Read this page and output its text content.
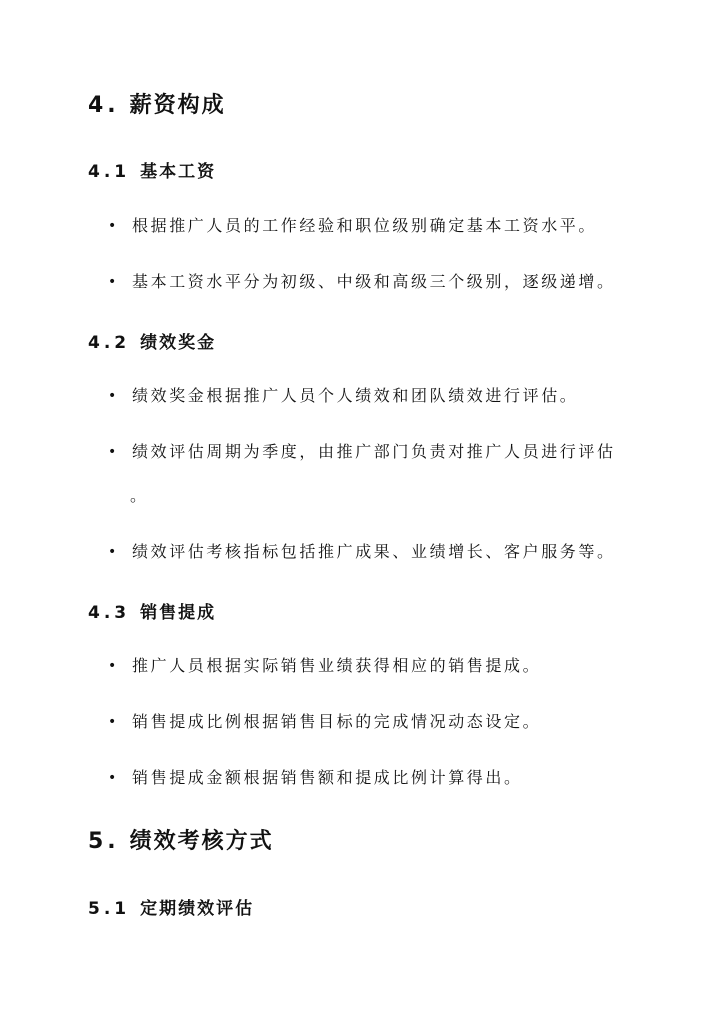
4. 薪资构成
4.1 基本工资
• 根据推广人员的工作经验和职位级别确定基本工资水平。
• 基本工资水平分为初级、中级和高级三个级别，逐级递增。
4.2 绩效奖金
• 绩效奖金根据推广人员个人绩效和团队绩效进行评估。
• 绩效评估周期为季度，由推广部门负责对推广人员进行评估
。
• 绩效评估考核指标包括推广成果、业绩增长、客户服务等。
4.3 销售提成
• 推广人员根据实际销售业绩获得相应的销售提成。
• 销售提成比例根据销售目标的完成情况动态设定。
• 销售提成金额根据销售额和提成比例计算得出。
5. 绩效考核方式
5.1 定期绩效评估
